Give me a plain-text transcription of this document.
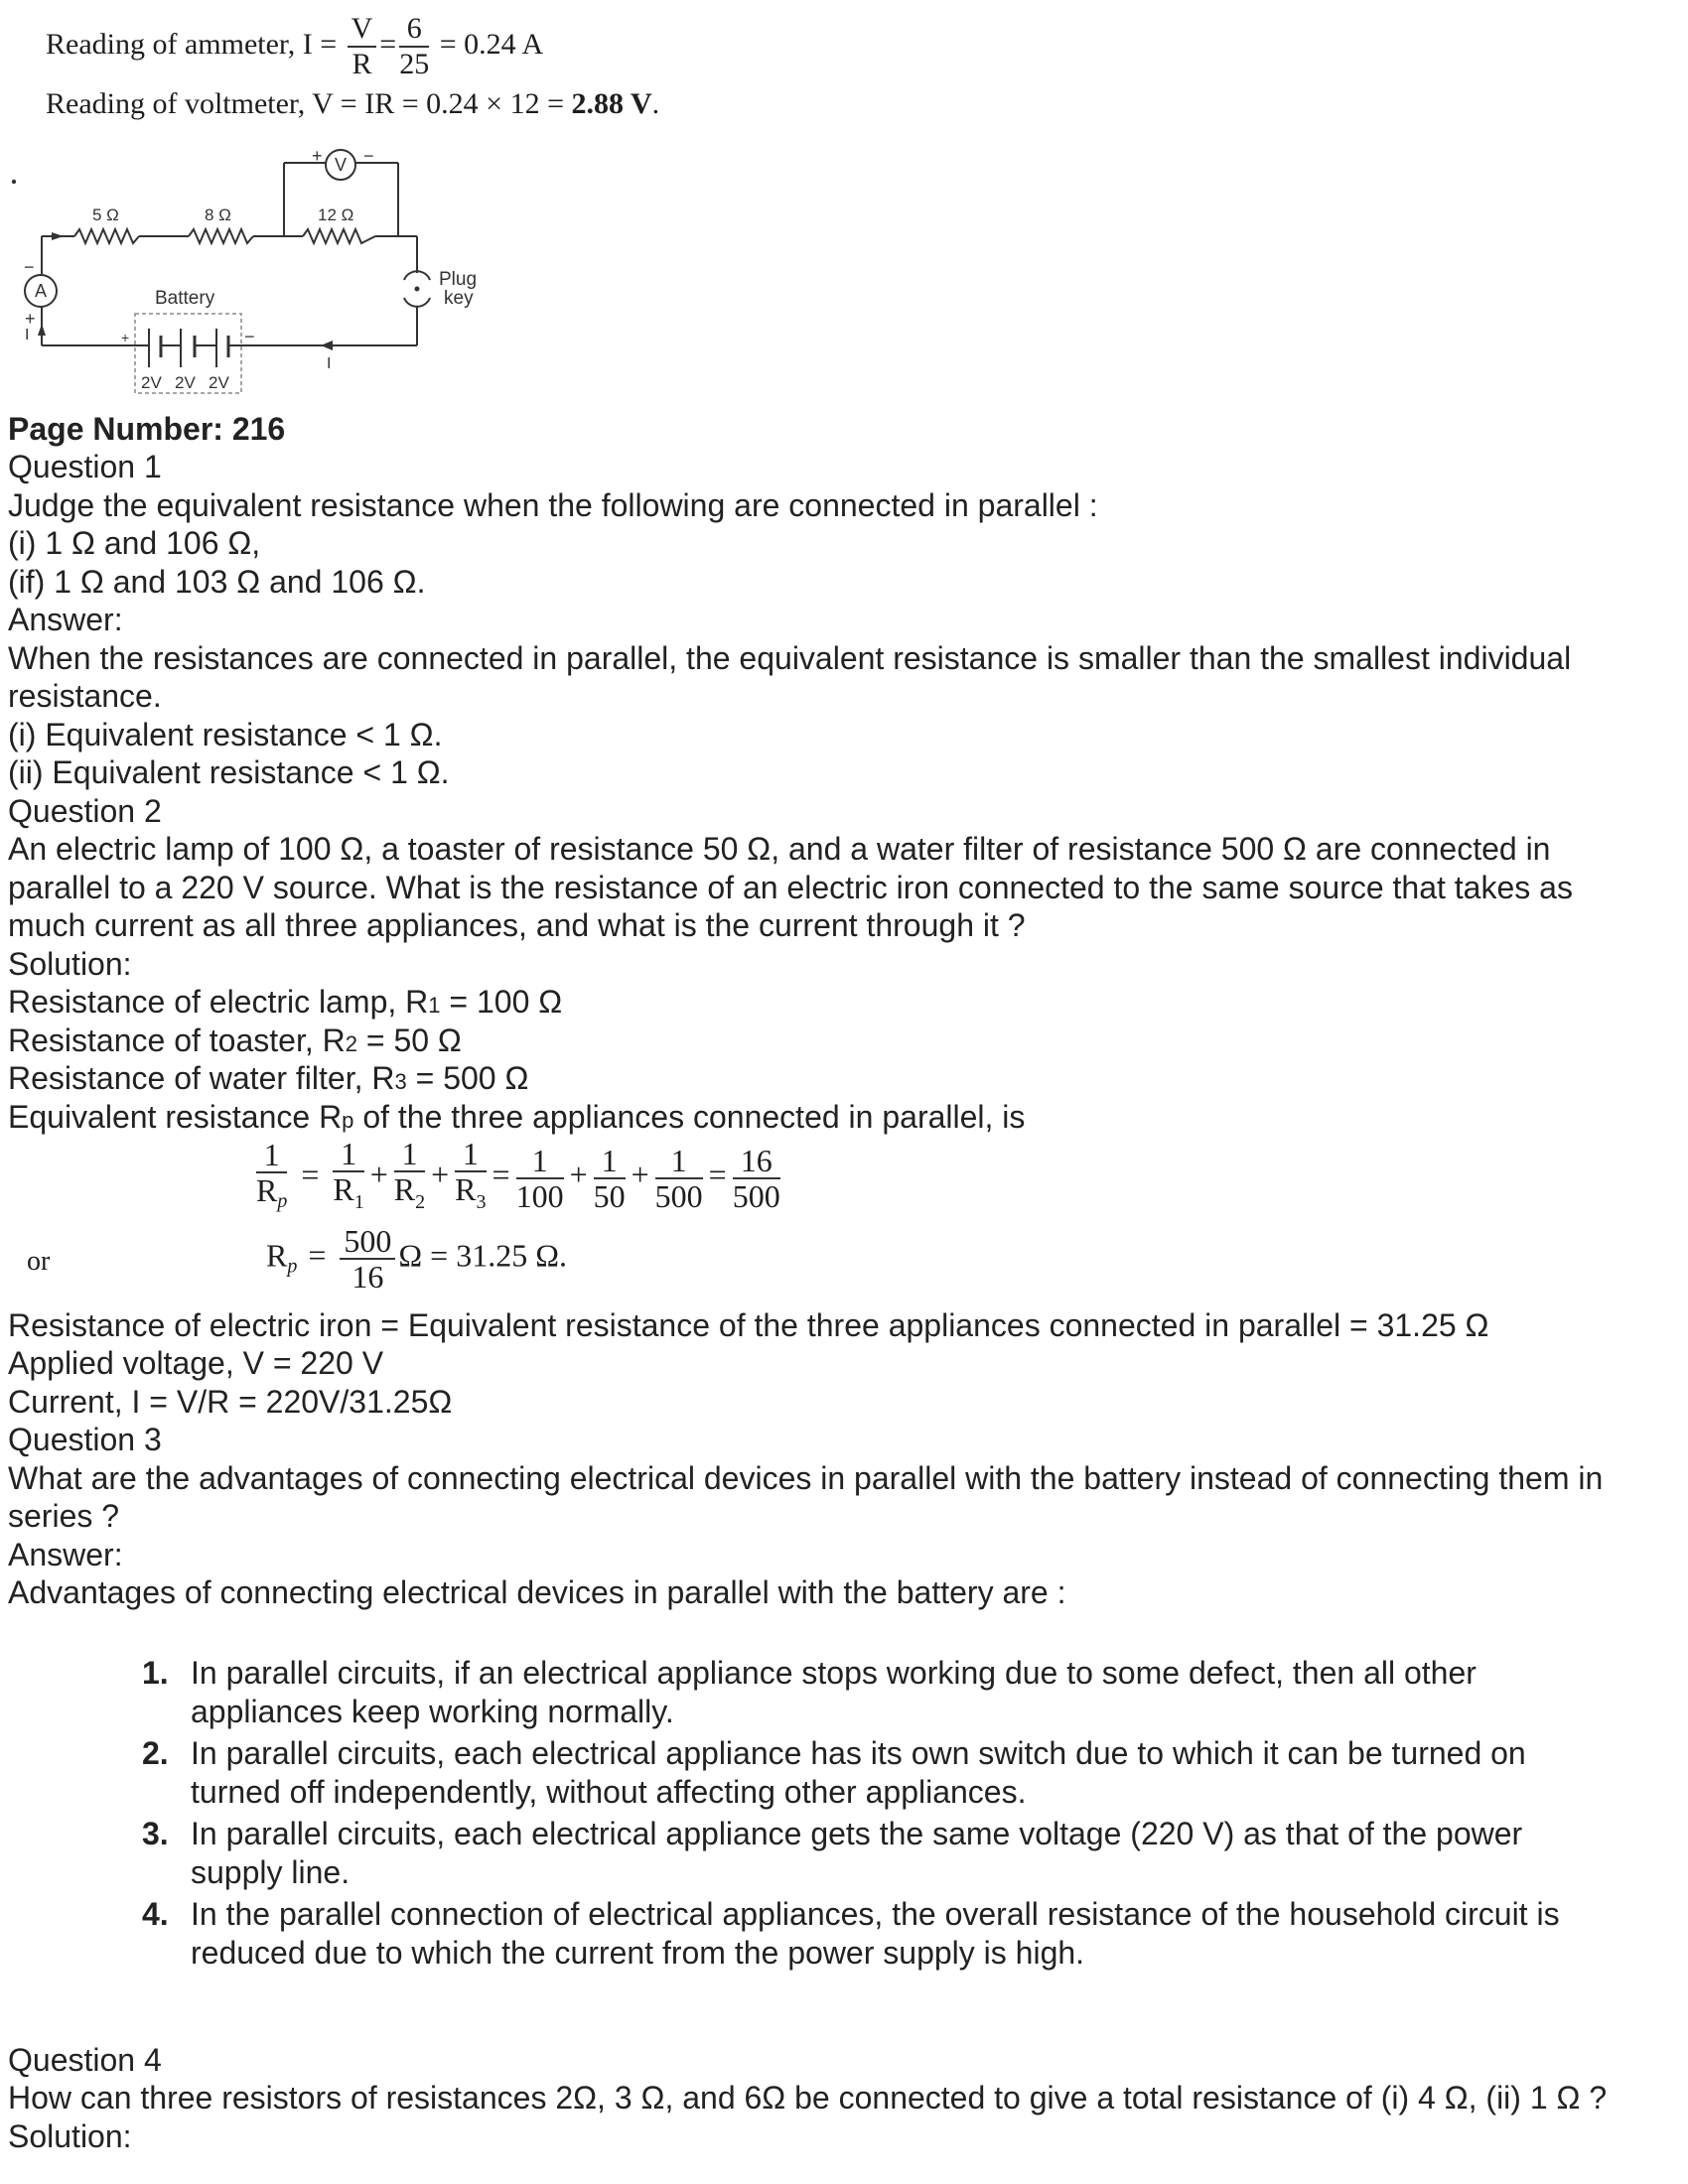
Reading of ammeter, $I = \frac{V}{R} = \frac{6}{25} = 0.24$ A
Reading of voltmeter, V = IR = 0.24 × 12 = 2.88 V.
5 Ω	8 Ω	12 Ω
V
+ −
A
−
+
I
Battery
+	−
2V 2V 2V
I
Plug
key
Page Number: 216
Question 1
Judge the equivalent resistance when the following are connected in parallel :
(i) 1 Ω and 106 Ω,
(if) 1 Ω and 103 Ω and 106 Ω.
Answer:
When the resistances are connected in parallel, the equivalent resistance is smaller than the smallest individual
resistance.
(i) Equivalent resistance < 1 Ω.
(ii) Equivalent resistance < 1 Ω.
Question 2
An electric lamp of 100 Ω, a toaster of resistance 50 Ω, and a water filter of resistance 500 Ω are connected in
parallel to a 220 V source. What is the resistance of an electric iron connected to the same source that takes as
much current as all three appliances, and what is the current through it ?
Solution:
Resistance of electric lamp, R1 = 100 Ω
Resistance of toaster, R2 = 50 Ω
Resistance of water filter, R3 = 500 Ω
Equivalent resistance Rp of the three appliances connected in parallel, is
$\frac{1}{Rp} = \frac{1}{R_1} + \frac{1}{R_2} + \frac{1}{R_3} = \frac{1}{100} + \frac{1}{50} + \frac{1}{500} = \frac{16}{500}$
or	$Rp = \frac{500}{16}$ Ω = 31.25 Ω.
Resistance of electric iron = Equivalent resistance of the three appliances connected in parallel = 31.25 Ω
Applied voltage, V = 220 V
Current, I = V/R = 220V/31.25Ω
Question 3
What are the advantages of connecting electrical devices in parallel with the battery instead of connecting them in
series ?
Answer:
Advantages of connecting electrical devices in parallel with the battery are :
1. In parallel circuits, if an electrical appliance stops working due to some defect, then all other
appliances keep working normally.
2. In parallel circuits, each electrical appliance has its own switch due to which it can be turned on
turned off independently, without affecting other appliances.
3. In parallel circuits, each electrical appliance gets the same voltage (220 V) as that of the power
supply line.
4. In the parallel connection of electrical appliances, the overall resistance of the household circuit is
reduced due to which the current from the power supply is high.
Question 4
How can three resistors of resistances 2Ω, 3 Ω, and 6Ω be connected to give a total resistance of (i) 4 Ω, (ii) 1 Ω ?
Solution:
